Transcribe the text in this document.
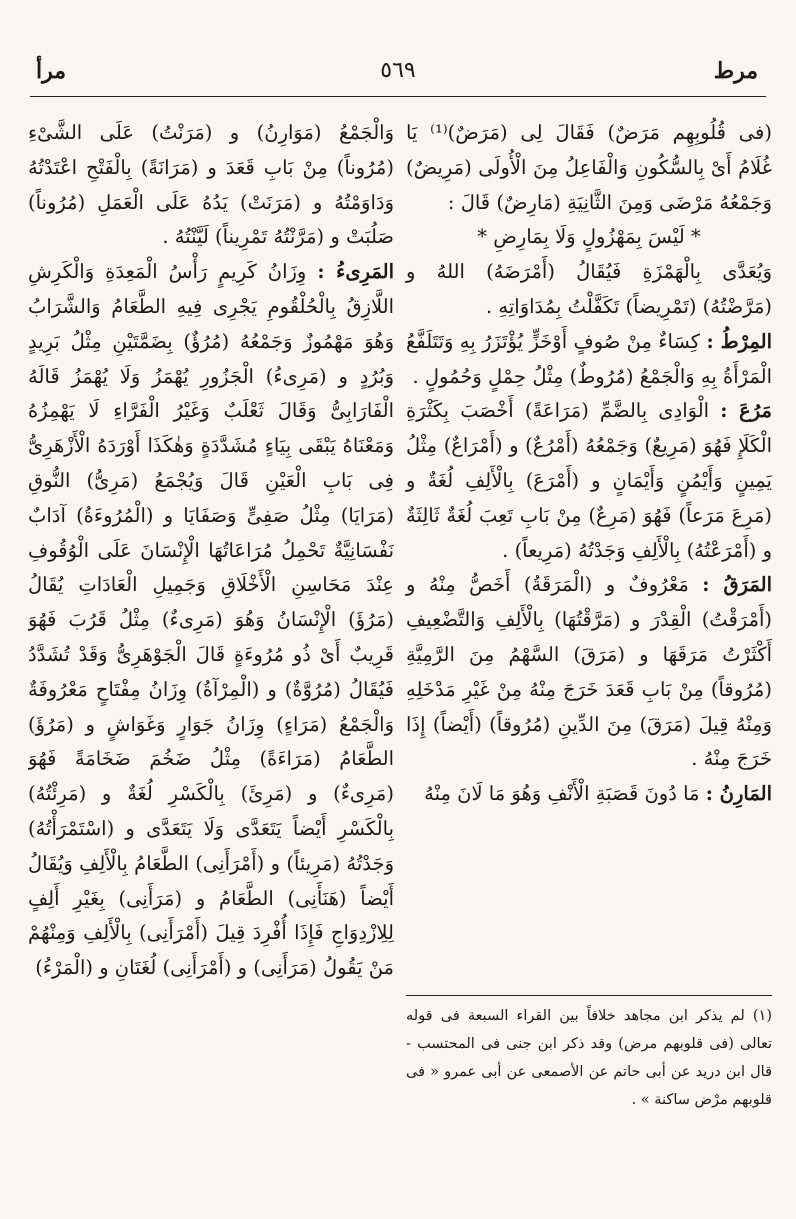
مرط
٥٦٩
مرأ

(فى قُلُوبِهِم مَرَضٌ) فَقَالَ لِى (مَرَضٌ)⁽¹⁾ يَا غُلَامُ أَىْ بِالسُّكُونِ وَالْفَاعِلُ مِنَ الْأُولَى (مَرِيضٌ) وَجَمْعُهُ مَرْضَى وَمِنَ الثَّانِيَةِ (مَارِضٌ) قَالَ :

* لَيْسَ بِمَهْزُولٍ وَلَا بِمَارِضِ *

وَيُعَدَّى بِالْهَمْزَةِ فَيُقَالُ (أَمْرَضَهُ) اللهُ و (مَرَّضْتُهُ) (تَمْرِيضاً) تَكَفَّلْتُ بِمُدَاوَاتِهِ .

المِرْطُ : كِسَاءٌ مِنْ صُوفٍ أَوْخَزٍّ يُؤْتَزَرُ بِهِ وَتَتَلَفَّعُ الْمَرْأَةُ بِهِ وَالْجَمْعُ (مُرُوطٌ) مِثْلُ حِمْلٍ وَحُمُولٍ .

مَرُعَ : الْوَادِى بِالضَّمِّ (مَرَاعَةً) أَخْصَبَ بِكَثْرَةِ الْكَلَإِ فَهُوَ (مَرِيعٌ) وَجَمْعُهُ (أَمْرُعٌ) و (أَمْرَاعٌ) مِثْلُ يَمِينٍ وَأَيْمُنٍ وَأَيْمَانٍ و (أَمْرَعَ) بِالْأَلِفِ لُغَةٌ و (مَرِعَ مَرَعاً) فَهُوَ (مَرِعٌ) مِنْ بَابِ تَعِبَ لُغَةٌ ثَالِثَةٌ و (أَمْرَعْتُهُ) بِالْأَلِفِ وَجَدْتُهُ (مَرِيعاً) .

المَرَقُ : مَعْرُوفٌ و (الْمَرَقَةُ) أَخَصُّ مِنْهُ و (أَمْرَقْتُ) الْقِدْرَ و (مَرَّقْتُهَا) بِالْأَلِفِ وَالتَّضْعِيفِ أَكْثَرْتُ مَرَقَهَا و (مَرَقَ) السَّهْمُ مِنَ الرَّمِيَّةِ (مُرُوقاً) مِنْ بَابِ قَعَدَ خَرَجَ مِنْهُ مِنْ غَيْرِ مَدْخَلِهِ وَمِنْهُ قِيلَ (مَرَقَ) مِنَ الدِّينِ (مُرُوقاً) (أَيْضاً) إِذَا خَرَجَ مِنْهُ .

المَارِنُ : مَا دُونَ قَصَبَةِ الْأَنْفِ وَهُوَ مَا لَانَ مِنْهُ

وَالْجَمْعُ (مَوَارِنُ) و (مَرَنْتُ) عَلَى الشَّىْءِ (مُرُوناً) مِنْ بَابِ قَعَدَ و (مَرَانَةً) بِالْفَتْحِ اعْتَدْتُهُ وَدَاوَمْتُهُ و (مَرَنَتْ) يَدُهُ عَلَى الْعَمَلِ (مُرُوناً) صَلُبَتْ و (مَرَّنْتُهُ تَمْرِيناً) لَيَّنْتُهُ .

المَرِىءُ : وِزَانُ كَرِيمٍ رَأْسُ الْمَعِدَةِ وَالْكَرِشِ اللَّازِقُ بِالْحُلْقُومِ يَجْرِى فِيهِ الطَّعَامُ وَالشَّرَابُ وَهُوَ مَهْمُوزٌ وَجَمْعُهُ (مُرُؤٌ) بِضَمَّتَيْنِ مِثْلُ بَرِيدٍ وَبُرُدٍ و (مَرِىءُ) الْجَزُورِ يُهْمَزُ وَلَا يُهْمَزُ قَالَهُ الْفَارَابِىُّ وَقَالَ ثَعْلَبٌ وَغَيْرُ الْفَرَّاءِ لَا يَهْمِزُهُ وَمَعْنَاهُ يَبْقَى بِيَاءٍ مُشَدَّدَةٍ وَهٰكَذَا أَوْرَدَهُ الْأَزْهَرِىُّ فِى بَابِ الْعَيْنِ قَالَ وَيُجْمَعُ (مَرِىُّ) النُّوقِ (مَرَايَا) مِثْلُ صَفِىٍّ وَصَفَايَا و (الْمُرُوءَةُ) آدَابٌ نَفْسَانِيَّةٌ تَحْمِلُ مُرَاعَاتُهَا الْإِنْسَانَ عَلَى الْوُقُوفِ عِنْدَ مَحَاسِنِ الْأَخْلَاقِ وَجَمِيلِ الْعَادَاتِ يُقَالُ (مَرُؤَ) الْإِنْسَانُ وَهُوَ (مَرِىءٌ) مِثْلُ قَرُبَ فَهُوَ قَرِيبٌ أَىْ ذُو مُرُوءَةٍ قَالَ الْجَوْهَرِىُّ وَقَدْ تُشَدَّدُ فَيُقَالُ (مُرُوَّةٌ) و (الْمِرْآةُ) وِزَانُ مِفْتَاحٍ مَعْرُوفَةٌ وَالْجَمْعُ (مَرَاءٍ) وِزَانُ جَوَارٍ وَغَوَاشٍ و (مَرُؤَ) الطَّعَامُ (مَرَاءَةً) مِثْلُ ضَخُمَ ضَخَامَةً فَهُوَ (مَرِىءٌ) و (مَرِئَ) بِالْكَسْرِ لُغَةٌ و (مَرِئْتُهُ) بِالْكَسْرِ أَيْضاً يَتَعَدَّى وَلَا يَتَعَدَّى و (اسْتَمْرَأْتُهُ) وَجَدْتُهُ (مَرِيئاً) و (أَمْرَأَنِى) الطَّعَامُ بِالْأَلِفِ وَيُقَالُ أَيْضاً (هَنَأَنِى) الطَّعَامُ و (مَرَأَنِى) بِغَيْرِ أَلِفٍ لِلِازْدِوَاجِ فَإِذَا أُفْرِدَ قِيلَ (أَمْرَأَنِى) بِالْأَلِفِ وَمِنْهُمْ مَنْ يَقُولُ (مَرَأَنِى) و (أَمْرَأَنِى) لُغَتَانِ و (الْمَرْءُ)

(١) لم يذكر ابن مجاهد خلافاً بين القراء السبعة فى قوله تعالى (فى قلوبهم مرض) وقد ذكر ابن جنى فى المحتسب - قال ابن دريد عن أبى حاتم عن الأصمعى عن أبى عمرو « فى قلوبهم مرْض ساكنة » .
